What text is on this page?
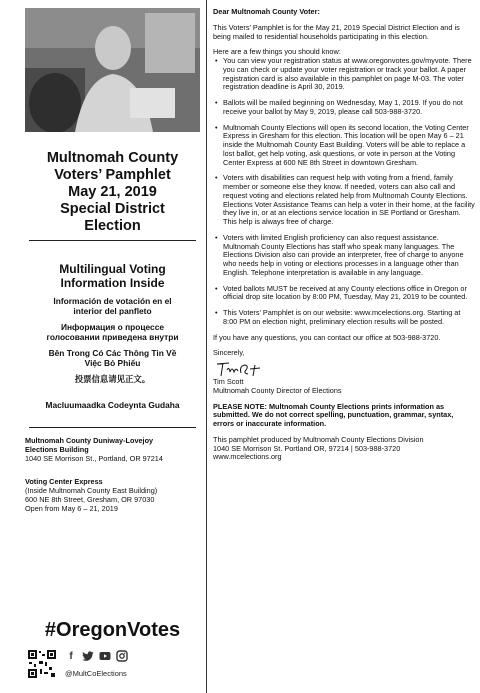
Multnomah County
Voters’ Pamphlet
May 21, 2019
Special District
Election
Multilingual Voting
Information Inside
Información de votación en el
interior del panfleto
Информация о процессе
голосовании приведена внутри
Bên Trong Có Các Thông Tin Về
Việc Bỏ Phiếu
投票信息请见正文。
Macluumaadka Codeynta Gudaha
Multnomah County Duniway-Lovejoy
Elections Building
1040 SE Morrison St., Portland, OR 97214
Voting Center Express
(Inside Multnomah County East Building)
600 NE 8th Street, Gresham, OR 97030
Open from May 6 – 21, 2019
#OregonVotes
f
@MultCoElections

Dear Multnomah County Voter:

This Voters’ Pamphlet is for the May 21, 2019 Special District Election and is being mailed to residential households participating in this election.

Here are a few things you should know:

• You can view your registration status at www.oregonvotes.gov/myvote. There you can check or update your voter registration or track your ballot. A paper registration card is also available in this pamphlet on page M-03. The voter registration deadline is April 30, 2019.
• Ballots will be mailed beginning on Wednesday, May 1, 2019. If you do not receive your ballot by May 9, 2019, please call 503-988-3720.
• Multnomah County Elections will open its second location, the Voting Center Express in Gresham for this election. This location will be open May 6 – 21 inside the Multnomah County East Building. Voters will be able to replace a lost ballot, get help voting, ask questions, or vote in person at the Voting Center Express at 600 NE 8th Street in downtown Gresham.
• Voters with disabilities can request help with voting from a friend, family member or someone else they know. If needed, voters can also call and request voting and elections related help from Multnomah County Elections. Elections Voter Assistance Teams can help a voter in their home, at the facility they live in, or at an elections service location in SE Portland or Gresham. This help is always free of charge.
• Voters with limited English proficiency can also request assistance. Multnomah County Elections has staff who speak many languages. The Elections Division also can provide an interpreter, free of charge to anyone who needs help in voting or elections processes in a language other than English. Telephone interpretation is available in any language.
• Voted ballots MUST be received at any County elections office in Oregon or official drop site location by 8:00 PM, Tuesday, May 21, 2019 to be counted.
• This Voters’ Pamphlet is on our website: www.mcelections.org. Starting at 8:00 PM on election night, preliminary election results will be posted.

If you have any questions, you can contact our office at 503-988-3720.

Sincerely,

Tim Scott

Multnomah County Director of Elections

PLEASE NOTE: Multnomah County Elections prints information as submitted. We do not correct spelling, punctuation, grammar, syntax, errors or inaccurate information.

This pamphlet produced by Multnomah County Elections Division
1040 SE Morrison St. Portland OR, 97214 | 503-988-3720
www.mcelections.org
